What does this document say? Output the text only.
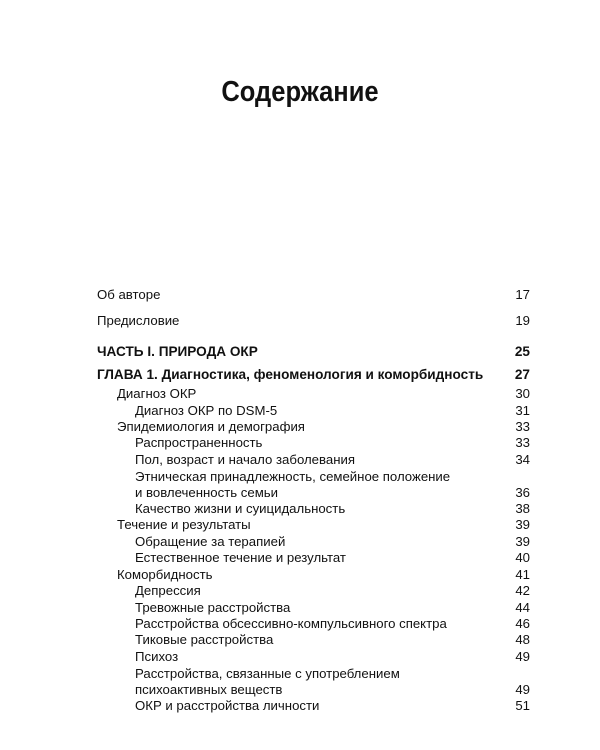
Содержание
Об авторе	17
Предисловие	19
ЧАСТЬ I. ПРИРОДА ОКР	25
ГЛАВА 1. Диагностика, феноменология и коморбидность 27
Диагноз ОКР	30
Диагноз ОКР по DSM-5	31
Эпидемиология и демография	33
Распространенность	33
Пол, возраст и начало заболевания	34
Этническая принадлежность, семейное положение
и вовлеченность семьи	36
Качество жизни и суицидальность	38
Течение и результаты	39
Обращение за терапией	39
Естественное течение и результат	40
Коморбидность	41
Депрессия	42
Тревожные расстройства	44
Расстройства обсессивно-компульсивного спектра	46
Тиковые расстройства	48
Психоз	49
Расстройства, связанные с употреблением
психоактивных веществ	49
ОКР и расстройства личности	51
